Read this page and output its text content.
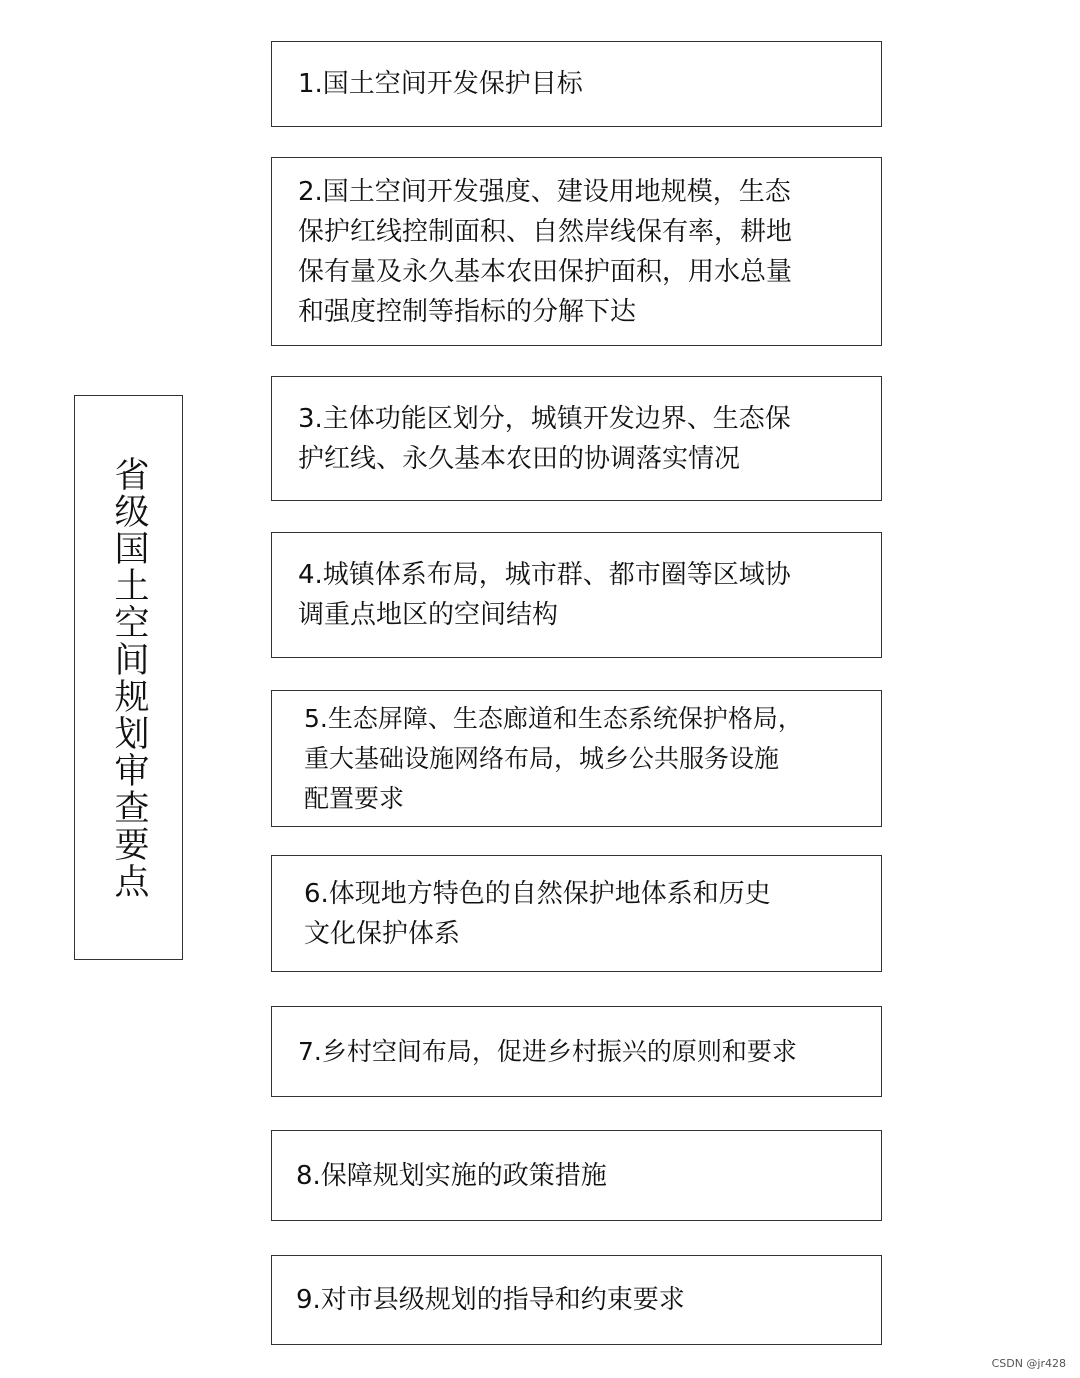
省级国土空间规划审查要点
1.国土空间开发保护目标
2.国土空间开发强度、建设用地规模，生态
保护红线控制面积、自然岸线保有率，耕地
保有量及永久基本农田保护面积，用水总量
和强度控制等指标的分解下达
3.主体功能区划分，城镇开发边界、生态保
护红线、永久基本农田的协调落实情况
4.城镇体系布局，城市群、都市圈等区域协
调重点地区的空间结构
5.生态屏障、生态廊道和生态系统保护格局，
重大基础设施网络布局，城乡公共服务设施
配置要求
6.体现地方特色的自然保护地体系和历史
文化保护体系
7.乡村空间布局，促进乡村振兴的原则和要求
8.保障规划实施的政策措施
9.对市县级规划的指导和约束要求
CSDN @jr428
